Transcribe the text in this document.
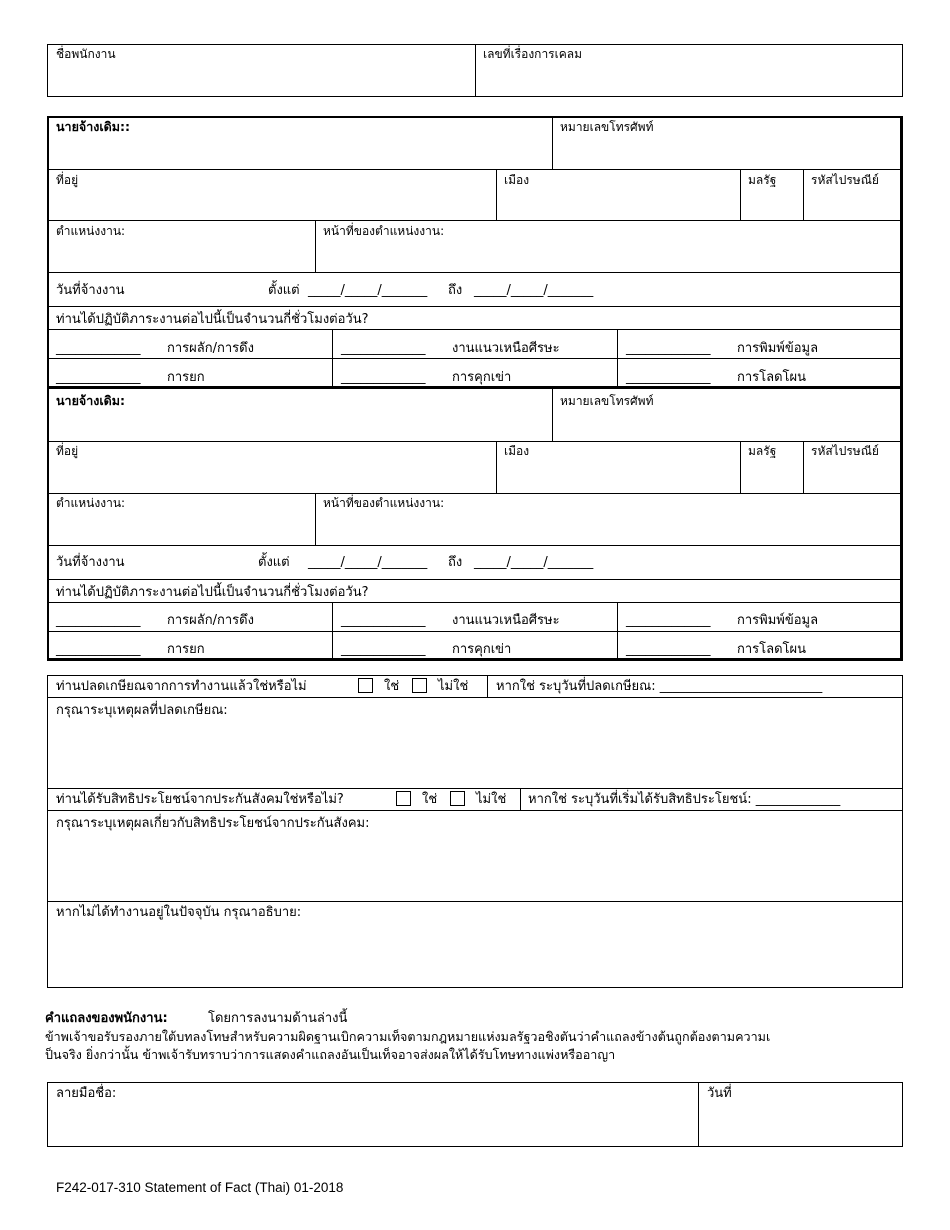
ชื่อพนักงาน	เลขที่เรื่องการเคลม
นายจ้างเดิม::	หมายเลขโทรศัพท์
ที่อยู่	เมือง	มลรัฐ	รหัสไปรษณีย์
ตำแหน่งงาน:	หน้าที่ของตำแหน่งงาน:
วันที่จ้างงาน	ตั้งแต่ _____/_____/_______ ถึง _____/_____/_______
ท่านได้ปฏิบัติภาระงานต่อไปนี้เป็นจำนวนกี่ชั่วโมงต่อวัน?
_____________ การผลัก/การดึง	_____________ งานแนวเหนือศีรษะ	_____________ การพิมพ์ข้อมูล
_____________ การยก	_____________ การคุกเข่า	_____________ การโลดโผน
นายจ้างเดิม:	หมายเลขโทรศัพท์
ที่อยู่	เมือง	มลรัฐ	รหัสไปรษณีย์
ตำแหน่งงาน:	หน้าที่ของตำแหน่งงาน:
วันที่จ้างงาน	ตั้งแต่ _____/_____/_______ ถึง _____/_____/_______
ท่านได้ปฏิบัติภาระงานต่อไปนี้เป็นจำนวนกี่ชั่วโมงต่อวัน?
_____________ การผลัก/การดึง	_____________ งานแนวเหนือศีรษะ	_____________ การพิมพ์ข้อมูล
_____________ การยก	_____________ การคุกเข่า	_____________ การโลดโผน
ท่านปลดเกษียณจากการทำงานแล้วใช่หรือไม่	ใช่	ไม่ใช่ หากใช่ ระบุวันที่ปลดเกษียณ: _________________________
กรุณาระบุเหตุผลที่ปลดเกษียณ:
ท่านได้รับสิทธิประโยชน์จากประกันสังคมใช่หรือไม่?	ใช่	ไม่ใช่ หากใช่ ระบุวันที่เริ่มได้รับสิทธิประโยชน์: _____________
กรุณาระบุเหตุผลเกี่ยวกับสิทธิประโยชน์จากประกันสังคม:
หากไม่ได้ทำงานอยู่ในปัจจุบัน กรุณาอธิบาย:
คำแถลงของพนักงาน:	โดยการลงนามด้านล่างนี้
ข้าพเจ้าขอรับรองภายใต้บทลงโทษสำหรับความผิดฐานเบิกความเท็จตามกฎหมายแห่งมลรัฐวอชิงตันว่าคำแถลงข้างต้นถูกต้องตามความเ
ป็นจริง ยิ่งกว่านั้น ข้าพเจ้ารับทราบว่าการแสดงคำแถลงอันเป็นเท็จอาจส่งผลให้ได้รับโทษทางแพ่งหรืออาญา
ลายมือชื่อ:	วันที่
F242-017-310 Statement of Fact (Thai) 01-2018
